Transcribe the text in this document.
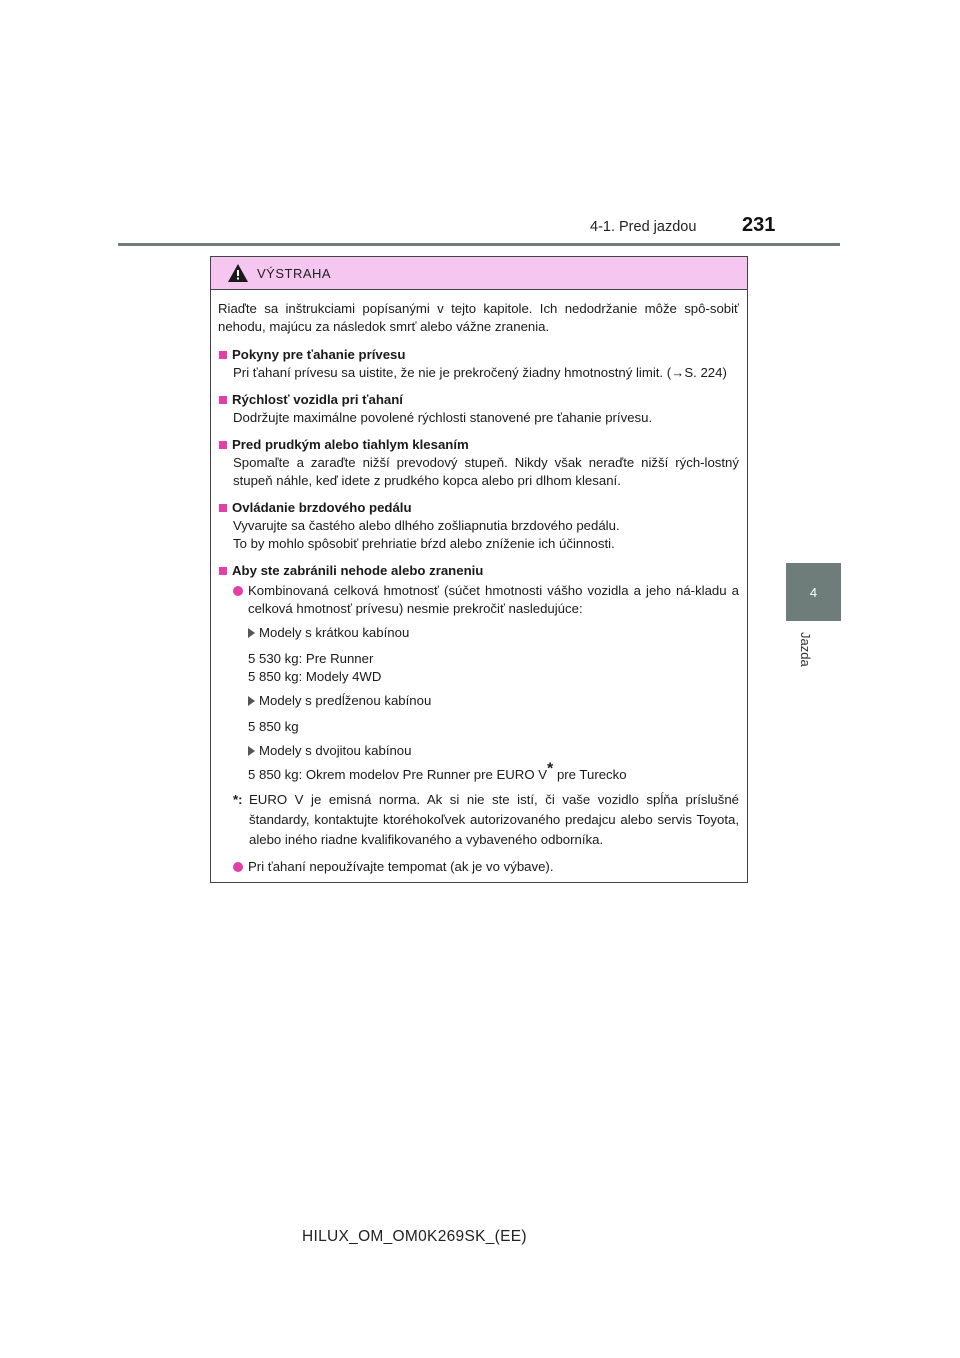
4-1. Pred jazdou 231
4
Jazda
VÝSTRAHA

Riaďte sa inštrukciami popísanými v tejto kapitole. Ich nedodržanie môže spô-sobiť nehodu, majúcu za následok smrť alebo vážne zranenia.

Pokyny pre ťahanie prívesu
Pri ťahaní prívesu sa uistite, že nie je prekročený žiadny hmotnostný limit. (→S. 224)
Rýchlosť vozidla pri ťahaní
Dodržujte maximálne povolené rýchlosti stanovené pre ťahanie prívesu.
Pred prudkým alebo tiahlym klesaním
Spomaľte a zaraďte nižší prevodový stupeň. Nikdy však neraďte nižší rých-lostný stupeň náhle, keď idete z prudkého kopca alebo pri dlhom klesaní.
Ovládanie brzdového pedálu
Vyvarujte sa častého alebo dlhého zošliapnutia brzdového pedálu.
To by mohlo spôsobiť prehriatie bŕzd alebo zníženie ich účinnosti.
Aby ste zabránili nehode alebo zraneniu
Kombinovaná celková hmotnosť (súčet hmotnosti vášho vozidla a jeho ná-kladu a celková hmotnosť prívesu) nesmie prekročiť nasledujúce:
Modely s krátkou kabínou
5 530 kg: Pre Runner
5 850 kg: Modely 4WD
Modely s predĺženou kabínou
5 850 kg
Modely s dvojitou kabínou
5 850 kg: Okrem modelov Pre Runner pre EURO V* pre Turecko
*: EURO V je emisná norma. Ak si nie ste istí, či vaše vozidlo spĺňa príslušné štandardy, kontaktujte ktoréhokoľvek autorizovaného predajcu alebo servis Toyota, alebo iného riadne kvalifikovaného a vybaveného odborníka.
Pri ťahaní nepoužívajte tempomat (ak je vo výbave).
HILUX_OM_OM0K269SK_(EE)
